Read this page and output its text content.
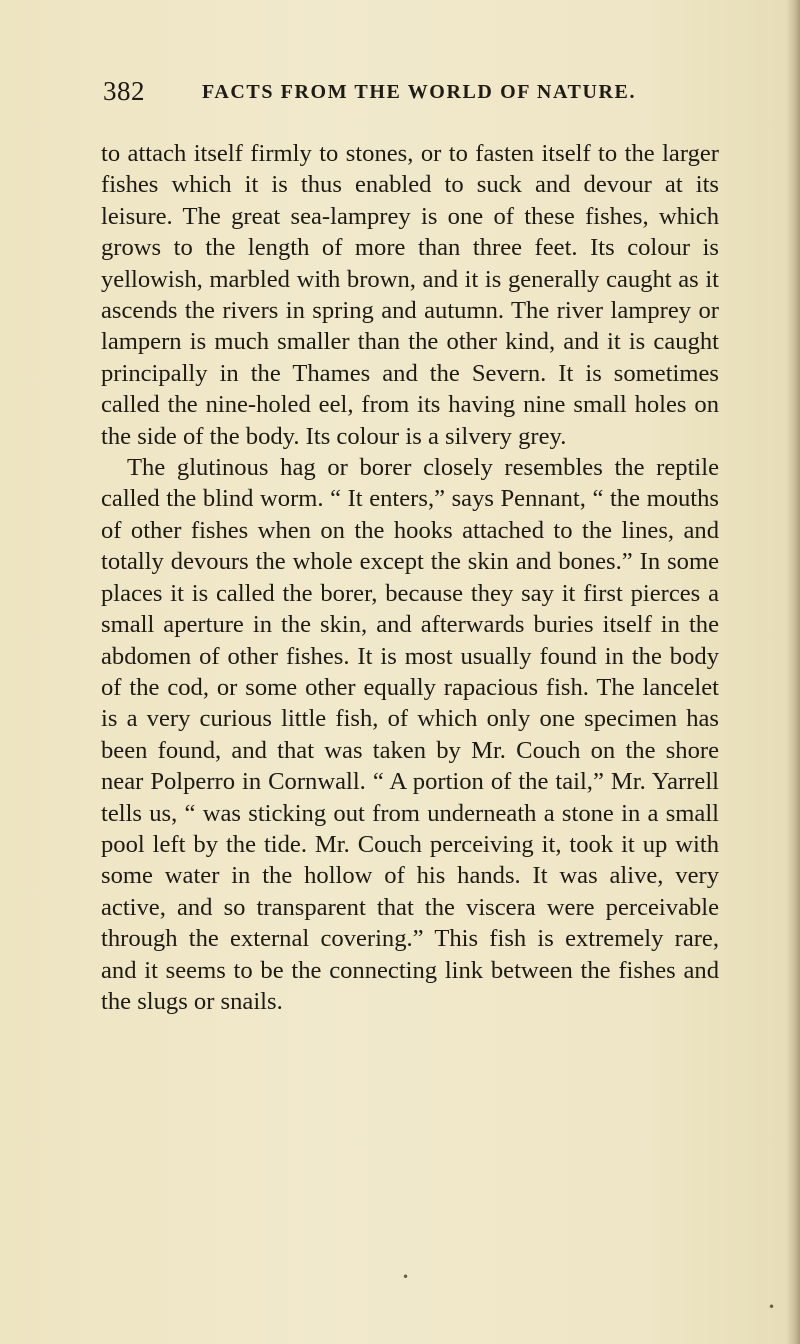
382	FACTS FROM THE WORLD OF NATURE.

to attach itself firmly to stones, or to fasten itself to the larger fishes which it is thus enabled to suck and devour at its leisure. The great sea-lamprey is one of these fishes, which grows to the length of more than three feet. Its colour is yellowish, marbled with brown, and it is generally caught as it ascends the rivers in spring and autumn. The river lamprey or lampern is much smaller than the other kind, and it is caught principally in the Thames and the Severn. It is sometimes called the nine-holed eel, from its having nine small holes on the side of the body. Its colour is a silvery grey.

The glutinous hag or borer closely resembles the reptile called the blind worm. “ It enters,” says Pennant, “ the mouths of other fishes when on the hooks attached to the lines, and totally devours the whole except the skin and bones.” In some places it is called the borer, because they say it first pierces a small aperture in the skin, and afterwards buries itself in the abdomen of other fishes. It is most usually found in the body of the cod, or some other equally rapacious fish. The lancelet is a very curious little fish, of which only one specimen has been found, and that was taken by Mr. Couch on the shore near Polperro in Cornwall. “ A portion of the tail,” Mr. Yarrell tells us, “ was sticking out from underneath a stone in a small pool left by the tide. Mr. Couch perceiving it, took it up with some water in the hollow of his hands. It was alive, very active, and so transparent that the viscera were perceivable through the external covering.” This fish is extremely rare, and it seems to be the connecting link between the fishes and the slugs or snails.

•
•
